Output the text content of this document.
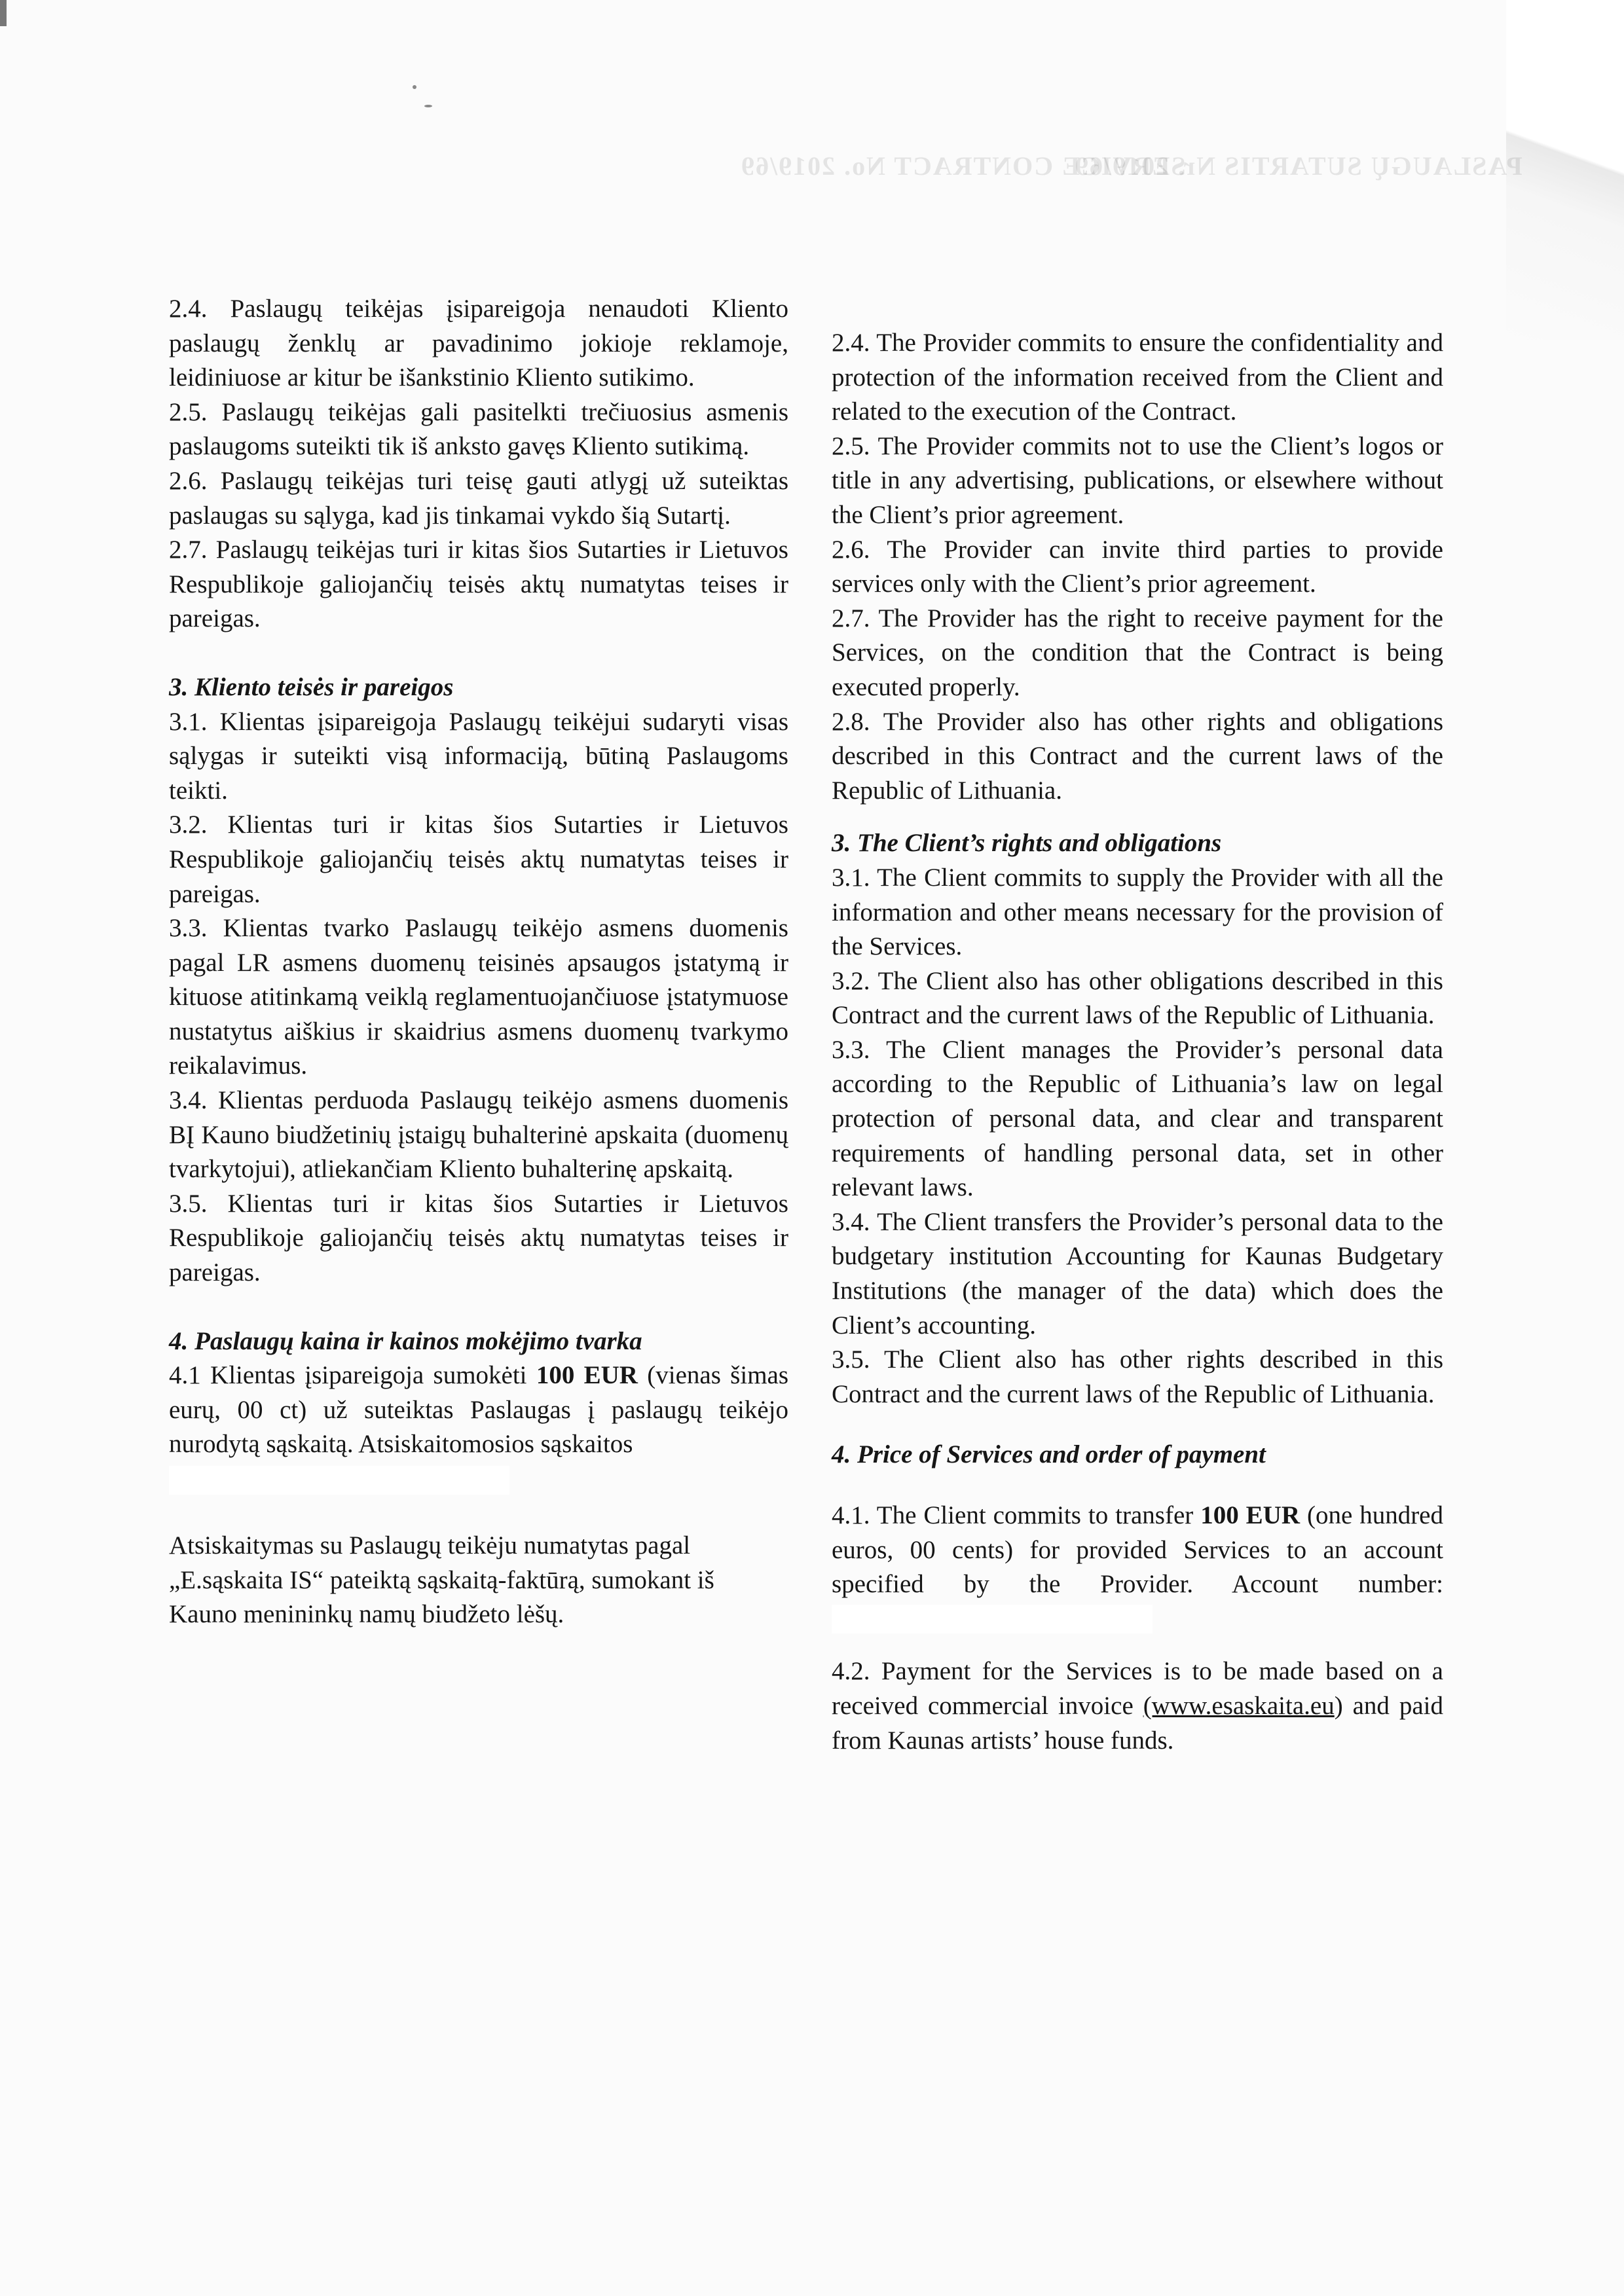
SERVICE CONTRACT No. 2019/69
PASLAUGŲ SUTARTIS Nr. 2019/69

2.4. Paslaugų teikėjas įsipareigoja nenaudoti Kliento paslaugų ženklų ar pavadinimo jokioje reklamoje, leidiniuose ar kitur be išankstinio Kliento sutikimo.

2.5. Paslaugų teikėjas gali pasitelkti trečiuosius asmenis paslaugoms suteikti tik iš anksto gavęs Kliento sutikimą.

2.6. Paslaugų teikėjas turi teisę gauti atlygį už suteiktas paslaugas su sąlyga, kad jis tinkamai vykdo šią Sutartį.

2.7. Paslaugų teikėjas turi ir kitas šios Sutarties ir Lietuvos Respublikoje galiojančių teisės aktų numatytas teises ir pareigas.

3. Kliento teisės ir pareigos

3.1. Klientas įsipareigoja Paslaugų teikėjui sudaryti visas sąlygas ir suteikti visą informaciją, būtiną Paslaugoms teikti.

3.2. Klientas turi ir kitas šios Sutarties ir Lietuvos Respublikoje galiojančių teisės aktų numatytas teises ir pareigas.

3.3. Klientas tvarko Paslaugų teikėjo asmens duomenis pagal LR asmens duomenų teisinės apsaugos įstatymą ir kituose atitinkamą veiklą reglamentuojančiuose įstatymuose nustatytus aiškius ir skaidrius asmens duomenų tvarkymo reikalavimus.

3.4. Klientas perduoda Paslaugų teikėjo asmens duomenis BĮ Kauno biudžetinių įstaigų buhalterinė apskaita (duomenų tvarkytojui), atliekančiam Kliento buhalterinę apskaitą.

3.5. Klientas turi ir kitas šios Sutarties ir Lietuvos Respublikoje galiojančių teisės aktų numatytas teises ir pareigas.

4. Paslaugų kaina ir kainos mokėjimo tvarka

4.1 Klientas įsipareigoja sumokėti 100 EUR (vienas šimas eurų, 00 ct) už suteiktas Paslaugas į paslaugų teikėjo nurodytą sąskaitą. Atsiskaitomosios sąskaitos

Atsiskaitymas su Paslaugų teikėju numatytas pagal „E.sąskaita IS“ pateiktą sąskaitą-faktūrą, sumokant iš Kauno menininkų namų biudžeto lėšų.

2.4. The Provider commits to ensure the confidentiality and protection of the information received from the Client and related to the execution of the Contract.

2.5. The Provider commits not to use the Client’s logos or title in any advertising, publications, or elsewhere without the Client’s prior agreement.

2.6. The Provider can invite third parties to provide services only with the Client’s prior agreement.

2.7. The Provider has the right to receive payment for the Services, on the condition that the Contract is being executed properly.

2.8. The Provider also has other rights and obligations described in this Contract and the current laws of the Republic of Lithuania.

3. The Client’s rights and obligations

3.1. The Client commits to supply the Provider with all the information and other means necessary for the provision of the Services.

3.2. The Client also has other obligations described in this Contract and the current laws of the Republic of Lithuania.

3.3. The Client manages the Provider’s personal data according to the Republic of Lithuania’s law on legal protection of personal data, and clear and transparent requirements of handling personal data, set in other relevant laws.

3.4. The Client transfers the Provider’s personal data to the budgetary institution Accounting for Kaunas Budgetary Institutions (the manager of the data) which does the Client’s accounting.

3.5. The Client also has other rights described in this Contract and the current laws of the Republic of Lithuania.

4. Price of Services and order of payment

4.1. The Client commits to transfer 100 EUR (one hundred euros, 00 cents) for provided Services to an account specified by the Provider. Account number:

4.2. Payment for the Services is to be made based on a received commercial invoice (www.esaskaita.eu) and paid from Kaunas artists’ house funds.
